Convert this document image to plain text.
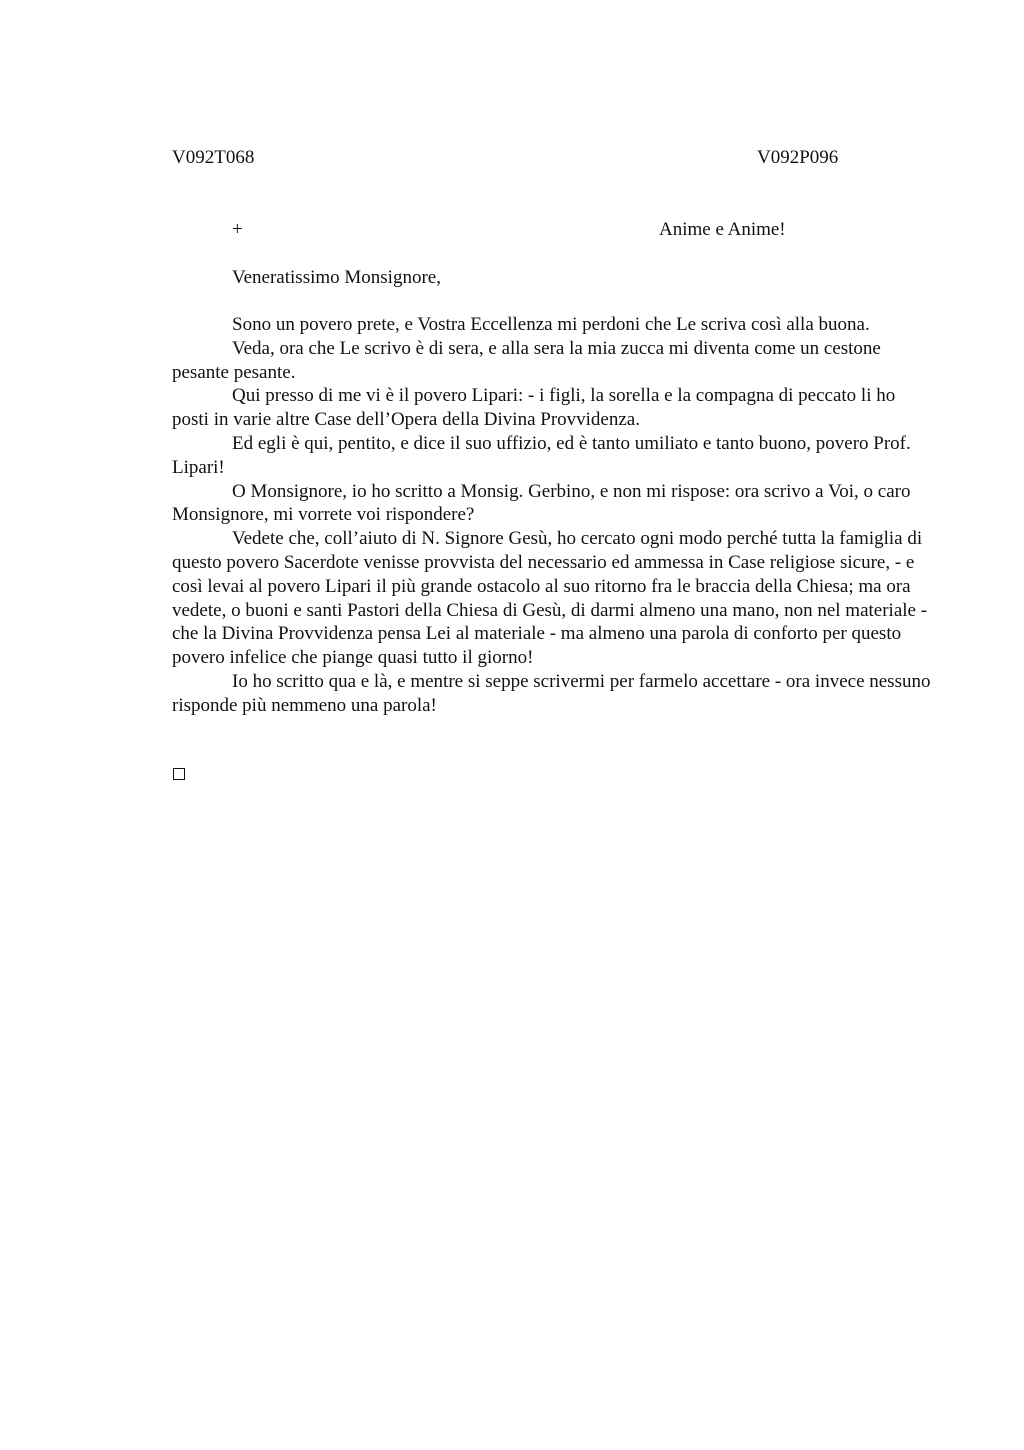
V092T068	V092P096
+	Anime e Anime!
Veneratissimo Monsignore,

Sono un povero prete, e Vostra Eccellenza mi perdoni che Le scriva così alla buona.

Veda, ora che Le scrivo è di sera, e alla sera la mia zucca mi diventa come un cestone pesante pesante.

Qui presso di me vi è il povero Lipari: - i figli, la sorella e la compagna di peccato li ho posti in varie altre Case dell’Opera della Divina Provvidenza.

Ed egli è qui, pentito, e dice il suo uffizio, ed è tanto umiliato e tanto buono, povero Prof. Lipari!

O Monsignore, io ho scritto a Monsig. Gerbino, e non mi rispose: ora scrivo a Voi, o caro Monsignore, mi vorrete voi rispondere?

Vedete che, coll’aiuto di N. Signore Gesù, ho cercato ogni modo perché tutta la famiglia di questo povero Sacerdote venisse provvista del necessario ed ammessa in Case religiose sicure, - e così levai al povero Lipari il più grande ostacolo al suo ritorno fra le braccia della Chiesa; ma ora vedete, o buoni e santi Pastori della Chiesa di Gesù, di darmi almeno una mano, non nel materiale - che la Divina Provvidenza pensa Lei al materiale - ma almeno una parola di conforto per questo povero infelice che piange quasi tutto il giorno!

Io ho scritto qua e là, e mentre si seppe scrivermi per farmelo accettare - ora invece nessuno risponde più nemmeno una parola!
